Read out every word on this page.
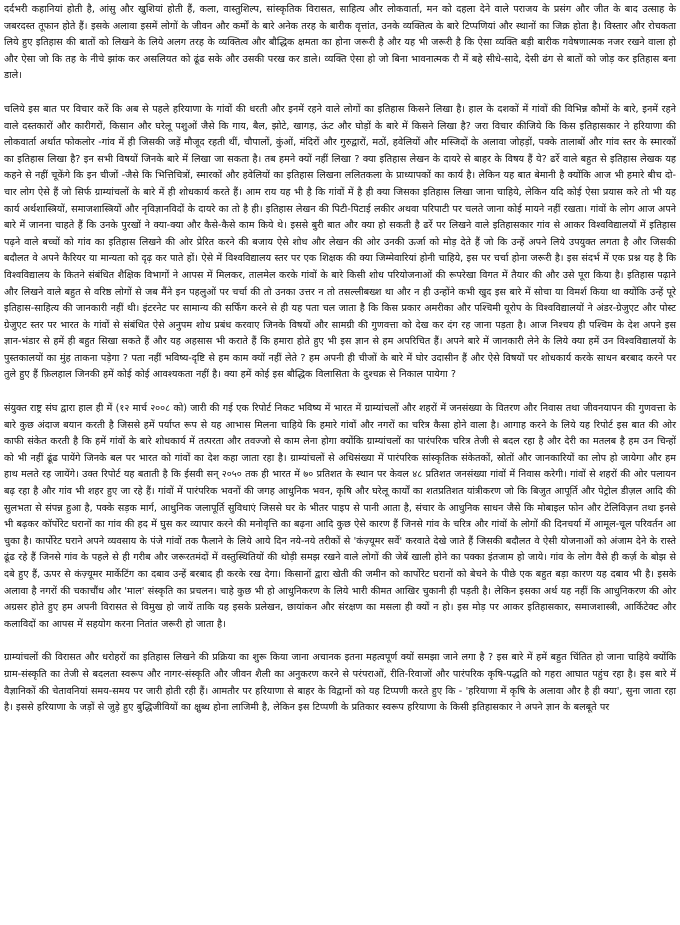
दर्दभरी कहानियां होती है, आंसु और खुशियां होती हैं, कला, वास्तुशिल्प, सांस्कृतिक विरासत, साहित्य और लोकवार्ता, मन को दहला देने वाले पराजय के प्रसंग और जीत के बाद उत्साह के जबरदस्त तूफान होते हैं। इसके अलावा इसमें लोगों के जीवन और कर्मों के बारे अनेक तरह के बारीक वृत्तांत, उनके व्यक्तित्व के बारे टिप्पणियां और स्थानों का जिक्र होता है। विस्तार और रोचकता लिये हुए इतिहास की बातों को लिखने के लिये अलग तरह के व्यक्तित्व और बौद्धिक क्षमता का होना जरूरी है और यह भी जरूरी है कि ऐसा व्यक्ति बड़ी बारीक गवेषणात्मक नजर रखने वाला हो और ऐसा जो कि तह के नीचे झांक कर असलियत को ढूंढ सके और उसकी परख कर डाले। व्यक्ति ऐसा हो जो बिना भावनात्मक रौ में बहे सीधे-सादे, देसी ढंग से बातों को जोड़ कर इतिहास बना डाले।

चलिये इस बात पर विचार करें कि अब से पहले हरियाणा के गांवों की धरती और इनमें रहने वाले लोगों का इतिहास किसने लिखा है। हाल के दशकों में गांवों की विभिन्न कौमों के बारे, इनमें रहने वाले दस्तकारों और कारीगरों, किसान और घरेलू पशुओं जैसे कि गाय, बैल, झोटे, खागड़, ऊंट और घोड़ों के बारे में किसने लिखा है? जरा विचार कीजिये कि किस इतिहासकार ने हरियाणा की लोकवार्ता अर्थात फोकलोर -गांव में ही जिसकी जड़ें मौजूद रहती थीं, चौपालों, कुंओं, मंदिरों और गुरुद्वारों, मठों, हवेलियों और मस्जिदों के अलावा जोहड़ों, पक्के तालाबों और गांव स्तर के स्मारकों का इतिहास लिखा है? इन सभी विषयों जिनके बारे में लिखा जा सकता है। तब हमने क्यों नहीं लिखा ? क्या इतिहास लेखन के दायरे से बाहर के विषय हैं ये? ढर्रे वाले बहुत से इतिहास लेखक यह कहने से नहीं चूकेंगे कि इन चीजों -जैसे कि भित्तिचित्रों, स्मारकों और हवेलियों का इतिहास लिखना ललितकला के प्राध्यापकों का कार्य है। लेकिन यह बात बेमानी है क्योंकि आज भी हमारे बीच दो-चार लोग ऐसे हैं जो सिर्फ ग्राम्यांचलों के बारे में ही शोधकार्य करते हैं। आम राय यह भी है कि गांवों में है ही क्या जिसका इतिहास लिखा जाना चाहिये, लेकिन यदि कोई ऐसा प्रयास करे तो भी यह कार्य अर्थशास्त्रियों, समाजशास्त्रियों और नृविज्ञानविदों के दायरे का तो है ही। इतिहास लेखन की पिटी-पिटाई लकीर अथवा परिपाटी पर चलते जाना कोई मायने नहीं रखता। गांवों के लोग आज अपने बारे में जानना चाहते हैं कि उनके पुरखों ने क्या-क्या और कैसे-कैसे काम किये थे। इससे बुरी बात और क्या हो सकती है ढर्रे पर लिखने वाले इतिहासकार गांव से आकर विश्वविद्यालयों में इतिहास पढ़ने वाले बच्चों को गांव का इतिहास लिखने की ओर प्रेरित करने की बजाय ऐसे शोध और लेखन की ओर उनकी ऊर्जा को मोड़ देते हैं जो कि उन्हें अपने लिये उपयुक्त लगता है और जिसकी बदौलत वे अपने कैरियर या मान्यता को दृढ़ कर पाते हों। ऐसे में विश्वविद्यालय स्तर पर एक शिक्षक की क्या जिम्मेवारियां होनी चाहिये, इस पर चर्चा होना जरूरी है। इस संदर्भ में एक प्रश्न यह है कि विश्वविद्यालय के कितने संबंधित शैक्षिक विभागों ने आपस में मिलकर, तालमेल करके गांवों के बारे किसी शोध परियोजनाओं की रूपरेखा विगत में तैयार की और उसे पूरा किया है। इतिहास पढ़ाने और लिखने वाले बहुत से वरिष्ठ लोगों से जब मैंने इन पहलुओं पर चर्चा की तो उनका उत्तर न तो तसल्लीबख्श था और न ही उन्होंने कभी खुद इस बारे में सोचा या विमर्श किया था क्योंकि उन्हें पूरे इतिहास-साहित्य की जानकारी नहीं थी। इंटरनेट पर सामान्य की सर्फिंग करने से ही यह पता चल जाता है कि किस प्रकार अमरीका और पश्चिमी यूरोप के विश्वविद्यालयों ने अंडर-ग्रेजुएट और पोस्ट ग्रेजुएट स्तर पर भारत के गांवों से संबंधित ऐसे अनुपम शोध प्रबंध करवाए जिनके विषयों और सामग्री की गुणवत्ता को देख कर दंग रह जाना पड़ता है। आज निश्चय ही पश्चिम के देश अपने इस ज्ञान-भंडार से हमें ही बहुत सिखा सकते हैं और यह अहसास भी कराते हैं कि हमारा होते हुए भी इस ज्ञान से हम अपरिचित हैं। अपने बारे में जानकारी लेने के लिये क्या हमें उन विश्वविद्यालयों के पुस्तकालयों का मुंह ताकना पड़ेगा ? पता नहीं भविष्य-दृष्टि से हम काम क्यों नहीं लेते ? हम अपनी ही चीजों के बारे में घोर उदासीन हैं और ऐसे विषयों पर शोधकार्य करके साधन बरबाद करने पर तुले हुए हैं फ़िलहाल जिनकी हमें कोई कोई आवश्यकता नहीं है। क्या हमें कोई इस बौद्धिक विलासिता के दुश्चक्र से निकाल पायेगा ?

संयुक्त राष्ट्र संघ द्वारा हाल ही में (१२ मार्च २००८ को) जारी की गई एक रिपोर्ट निकट भविष्य में भारत में ग्राम्यांचलों और शहरों में जनसंख्या के वितरण और निवास तथा जीवनयापन की गुणवत्ता के बारे कुछ अंदाज बयान करती है जिससे हमें पर्याप्त रूप से यह आभास मिलना चाहिये कि हमारे गांवों और नगरों का चरित्र कैसा होने वाला है। आगाह करने के लिये यह रिपोर्ट इस बात की ओर काफी संकेत करती है कि हमें गांवों के बारे शोधकार्य में तत्परता और तवज्जो से काम लेना होगा क्योंकि ग्राम्यांचलों का पारंपरिक चरित्र तेजी से बदल रहा है और देरी का मतलब है हम उन चिन्हों को भी नहीं ढूंढ पायेंगे जिनके बल पर भारत को गांवों का देश कहा जाता रहा है। ग्राम्यांचलों से अधिसंख्या में पारंपरिक सांस्कृतिक संकेतकों, स्रोतों और जानकारियों का लोप हो जायेगा और हम हाथ मलते रह जायेंगे। उक्त रिपोर्ट यह बताती है कि ईसवी सन् २०५० तक ही भारत में ७० प्रतिशत के स्थान पर केवल ४८ प्रतिशत जनसंख्या गांवों में निवास करेगी। गांवों से शहरों की ओर पलायन बढ़ रहा है और गांव भी शहर हुए जा रहे हैं। गांवों में पारंपरिक भवनों की जगह आधुनिक भवन, कृषि और घरेलू कार्यों का शतप्रतिशत यांत्रीकरण जो कि बिजुत आपूर्ति और पेट्रोल डीज़ल आदि की सुलभता से संपन्न हुआ है, पक्के सड़क मार्ग, आधुनिक जलापूर्ति सुविधाएं जिससे घर के भीतर पाइप से पानी आता है, संचार के आधुनिक साधन जैसे कि मोबाइल फोन और टेलिविज़न तथा इनसे भी बढ़कर कॉर्पोरेट घरानों का गांव की हद में घुस कर व्यापार करने की मनोवृत्ति का बढ़ना आदि कुछ ऐसे कारण हैं जिनसे गांव के चरित्र और गांवों के लोगों की दिनचर्या में आमूल-चूल परिवर्तन आ चुका है। कार्पोरेट घराने अपने व्यवसाय के पंजे गांवों तक फैलाने के लिये आये दिन नये-नये तरीकों से 'कंज़्यूमर सर्वे' करवाते देखे जाते हैं जिसकी बदौलत वे ऐसी योजनाओं को अंजाम देने के रास्ते ढूंढ रहे हैं जिनसे गांव के पहले से ही गरीब और जरूरतमंदों में वस्तुस्थितियों की थोड़ी समझ रखने वाले लोगों की जेबें खाली होने का पक्का इंतजाम हो जाये। गांव के लोग वैसे ही कर्ज़ के बोझ से दबे हुए हैं, ऊपर से कंज़्यूमर मार्केटिंग का दबाव उन्हें बरबाद ही करके रख देगा। किसानों द्वारा खेती की जमीन को कार्पोरेट घरानों को बेचने के पीछे एक बहुत बड़ा कारण यह दबाव भी है। इसके अलावा है नगरों की चकाचौंध और 'माल' संस्कृति का प्रचलन। चाहे कुछ भी हो आधुनिकरण के लिये भारी कीमत आखिर चुकानी ही पड़ती है। लेकिन इसका अर्थ यह नहीं कि आधुनिकरण की ओर अग्रसर होते हुए हम अपनी विरासत से विमुख हो जायें ताकि यह इसके प्रलेखन, छायांकन और संरक्षण का मसला ही क्यों न हो। इस मोड़ पर आकर इतिहासकार, समाजशास्त्री, आर्किटेक्ट और कलाविदों का आपस में सहयोग करना नितांत जरूरी हो जाता है।

ग्राम्यांचलों की विरासत और धरोहरों का इतिहास लिखने की प्रक्रिया का शुरू किया जाना अचानक इतना महत्वपूर्ण क्यों समझा जाने लगा है ? इस बारे में हमें बहुत चिंतित हो जाना चाहिये क्योंकि ग्राम-संस्कृति का तेजी से बदलता स्वरूप और नागर-संस्कृति और जीवन शैली का अनुकरण करने से परंपराओं, रीति-रिवाजों और पारंपरिक कृषि-पद्धति को गहरा आघात पहुंच रहा है। इस बारे में वैज्ञानिकों की चेतावनियां समय-समय पर जारी होती रही हैं। आमतौर पर हरियाणा से बाहर के विद्वानों को यह टिप्पणी करते हुए कि - 'हरियाणा में कृषि के अलावा और है ही क्या', सुना जाता रहा है। इससे हरियाणा के जड़ों से जुड़े हुए बुद्धिजीवियों का क्षुब्ध होना लाजिमी है, लेकिन इस टिप्पणी के प्रतिकार स्वरूप हरियाणा के किसी इतिहासकार ने अपने ज्ञान के बलबूते पर
